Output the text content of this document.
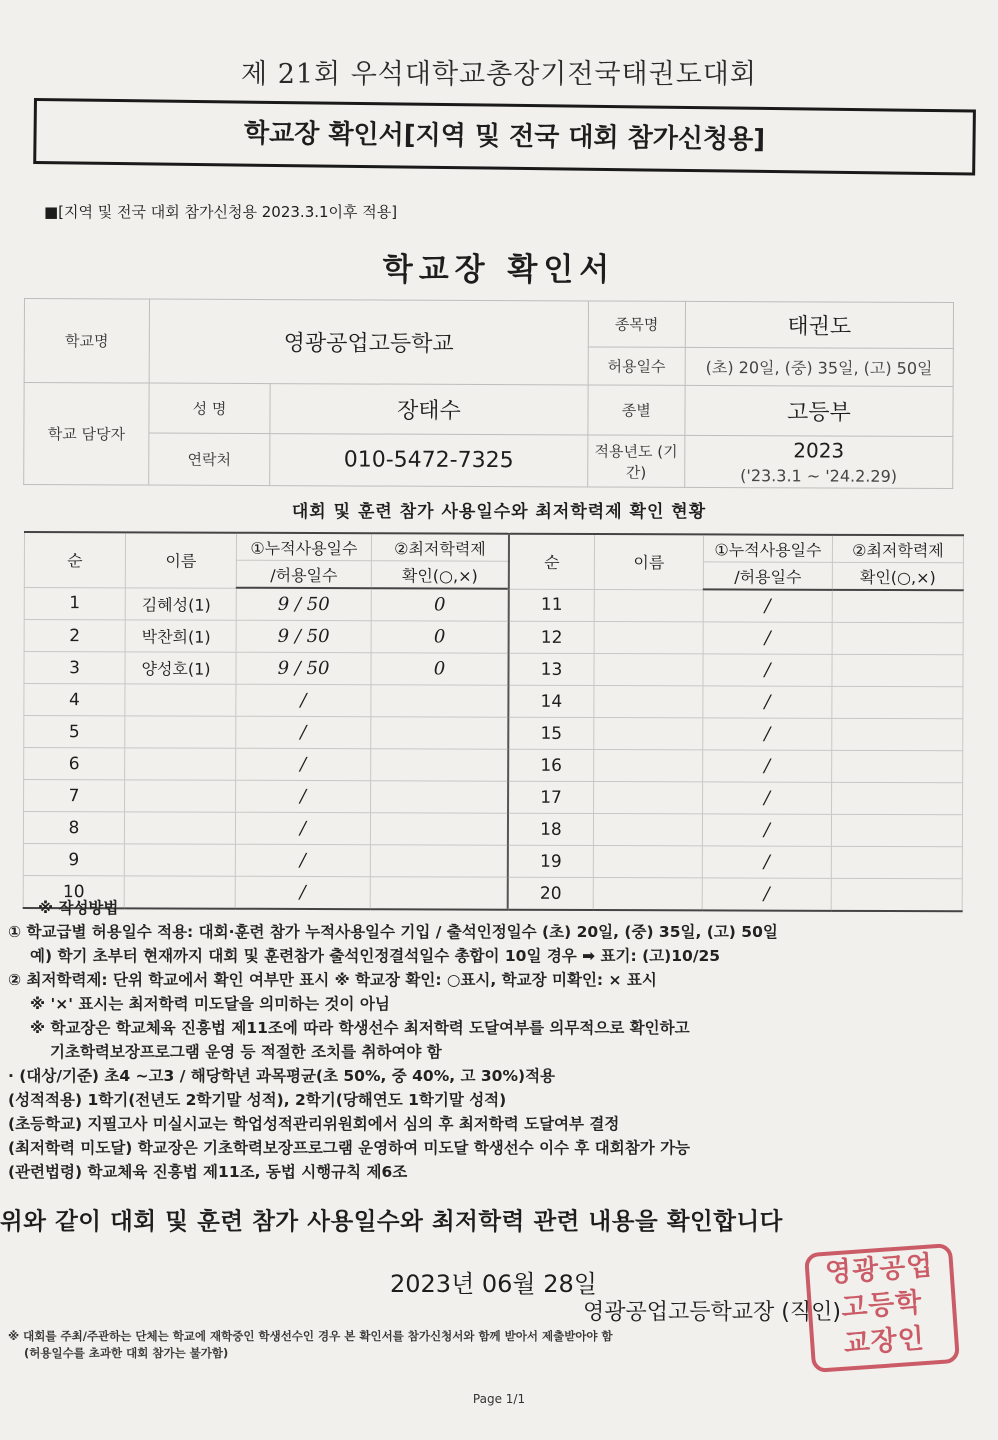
제 21회 우석대학교총장기전국태권도대회
학교장 확인서[지역 및 전국 대회 참가신청용]
■[지역 및 전국 대회 참가신청용 2023.3.1이후 적용]
학교장 확인서
학교명	영광공업고등학교		종목명	태권도
			허용일수	(초) 20일, (중) 35일, (고) 50일
학교 담당자	성 명	장태수	종별	고등부
	연락처	010-5472-7325	적용년도 (기간)	2023
('23.3.1 ~ '24.2.29)
대회 및 훈련 참가 사용일수와 최저학력제 확인 현황
순	이름	①누적사용일수	②최저학력제	순	이름	①누적사용일수	②최저학력제
		/허용일수	확인(○,×)			/허용일수	확인(○,×)
1	김혜성(1)	9 / 50	0	11		/	
2	박찬희(1)	9 / 50	0	12		/	
3	양성호(1)	9 / 50	0	13		/	
4		/		14		/	
5		/		15		/	
6		/		16		/	
7		/		17		/	
8		/		18		/	
9		/		19		/	
10		/		20		/	
※ 작성방법
① 학교급별 허용일수 적용: 대회·훈련 참가 누적사용일수 기입 / 출석인정일수 (초) 20일, (중) 35일, (고) 50일
예) 학기 초부터 현재까지 대회 및 훈련참가 출석인정결석일수 총합이 10일 경우 ➡ 표기: (고)10/25
② 최저학력제: 단위 학교에서 확인 여부만 표시 ※ 학교장 확인: ○표시, 학교장 미확인: × 표시
※ '×' 표시는 최저학력 미도달을 의미하는 것이 아님
※ 학교장은 학교체육 진흥법 제11조에 따라 학생선수 최저학력 도달여부를 의무적으로 확인하고
기초학력보장프로그램 운영 등 적절한 조치를 취하여야 함
· (대상/기준) 초4 ~고3 / 해당학년 과목평균(초 50%, 중 40%, 고 30%)적용
(성적적용) 1학기(전년도 2학기말 성적), 2학기(당해연도 1학기말 성적)
(초등학교) 지필고사 미실시교는 학업성적관리위원회에서 심의 후 최저학력 도달여부 결정
(최저학력 미도달) 학교장은 기초학력보장프로그램 운영하여 미도달 학생선수 이수 후 대회참가 가능
(관련법령) 학교체육 진흥법 제11조, 동법 시행규칙 제6조
위와 같이 대회 및 훈련 참가 사용일수와 최저학력 관련 내용을 확인합니다
2023년 06월 28일
영광공업고등학교장 (직인)
영광공업
고등학
교장인
※ 대회를 주최/주관하는 단체는 학교에 재학중인 학생선수인 경우 본 확인서를 참가신청서와 함께 받아서 제출받아야 함
(허용일수를 초과한 대회 참가는 불가함)
Page 1/1
